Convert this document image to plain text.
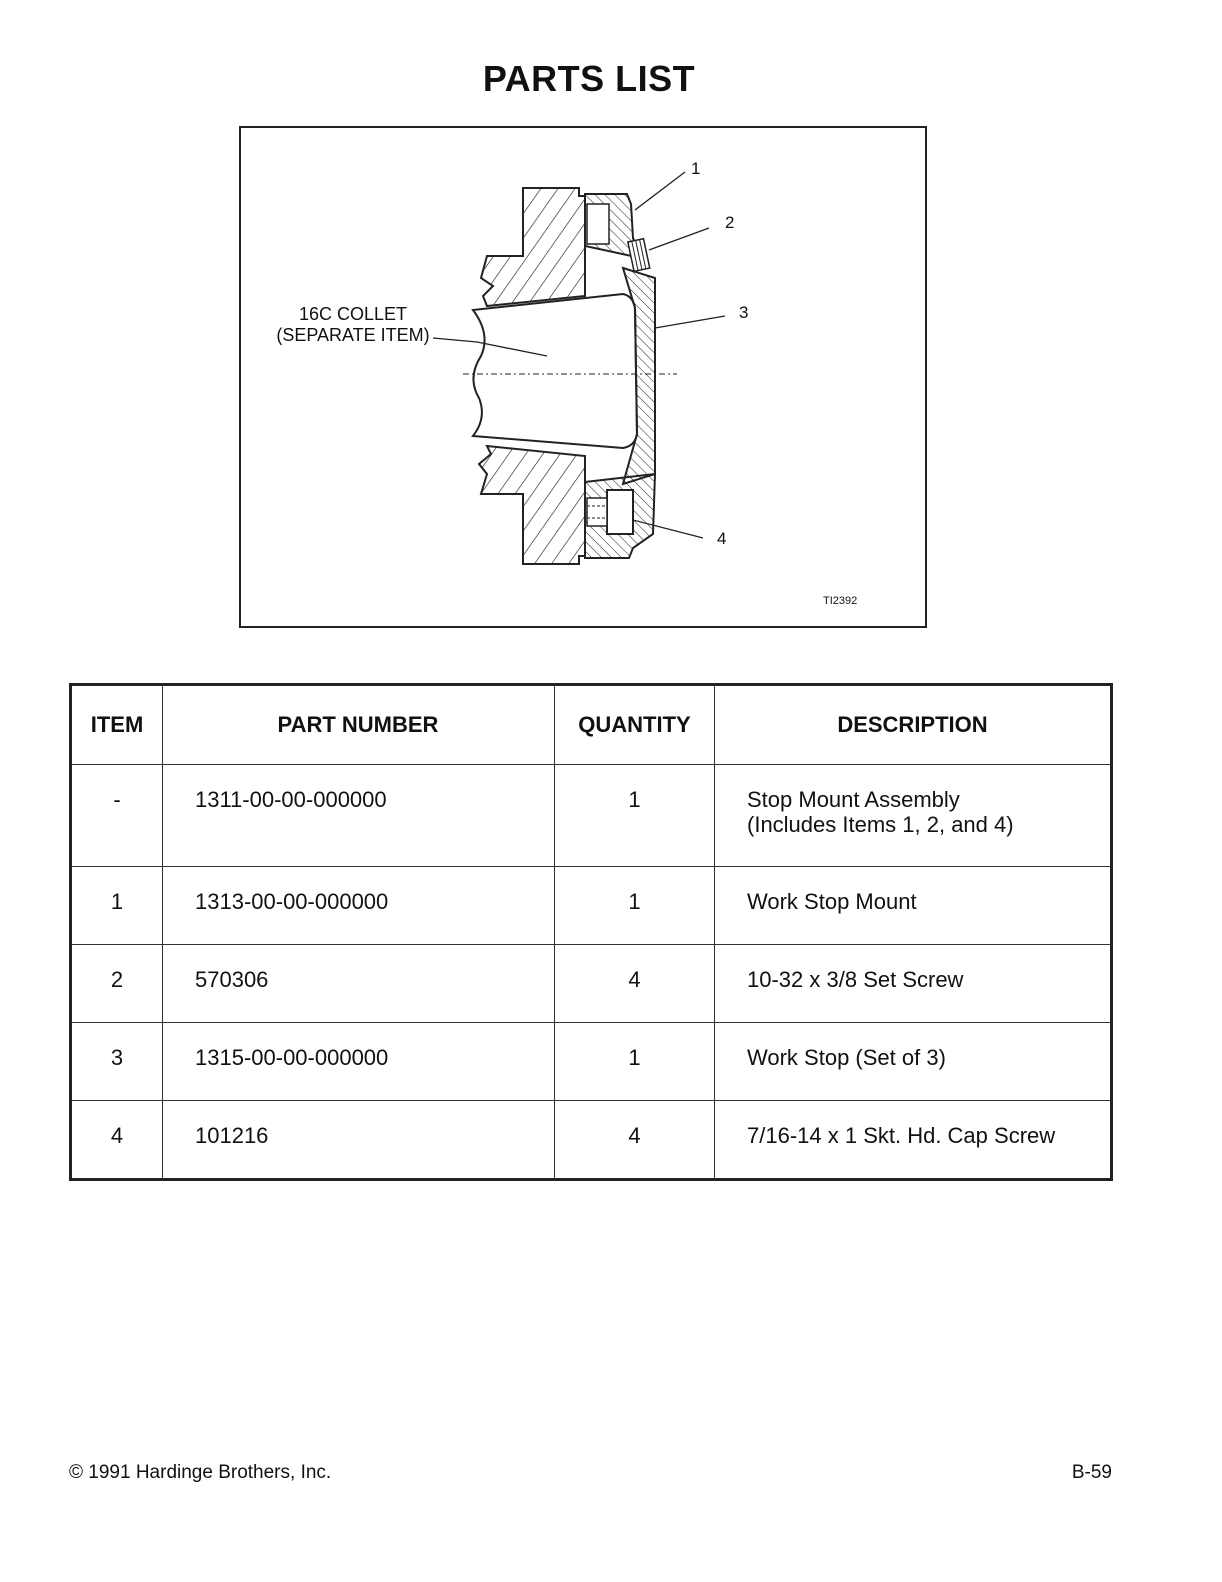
PARTS LIST
1
2
3
4
16C COLLET
(SEPARATE ITEM)
TI2392
ITEM	PART NUMBER	QUANTITY	DESCRIPTION
-	1311-00-00-000000	1	Stop Mount Assembly
(Includes Items 1, 2, and 4)

1	1313-00-00-000000	1	Work Stop Mount
2	570306	4	10-32 x 3/8 Set Screw
3	1315-00-00-000000	1	Work Stop (Set of 3)
4	101216	4	7/16-14 x 1 Skt. Hd. Cap Screw
© 1991 Hardinge Brothers, Inc.	B-59
